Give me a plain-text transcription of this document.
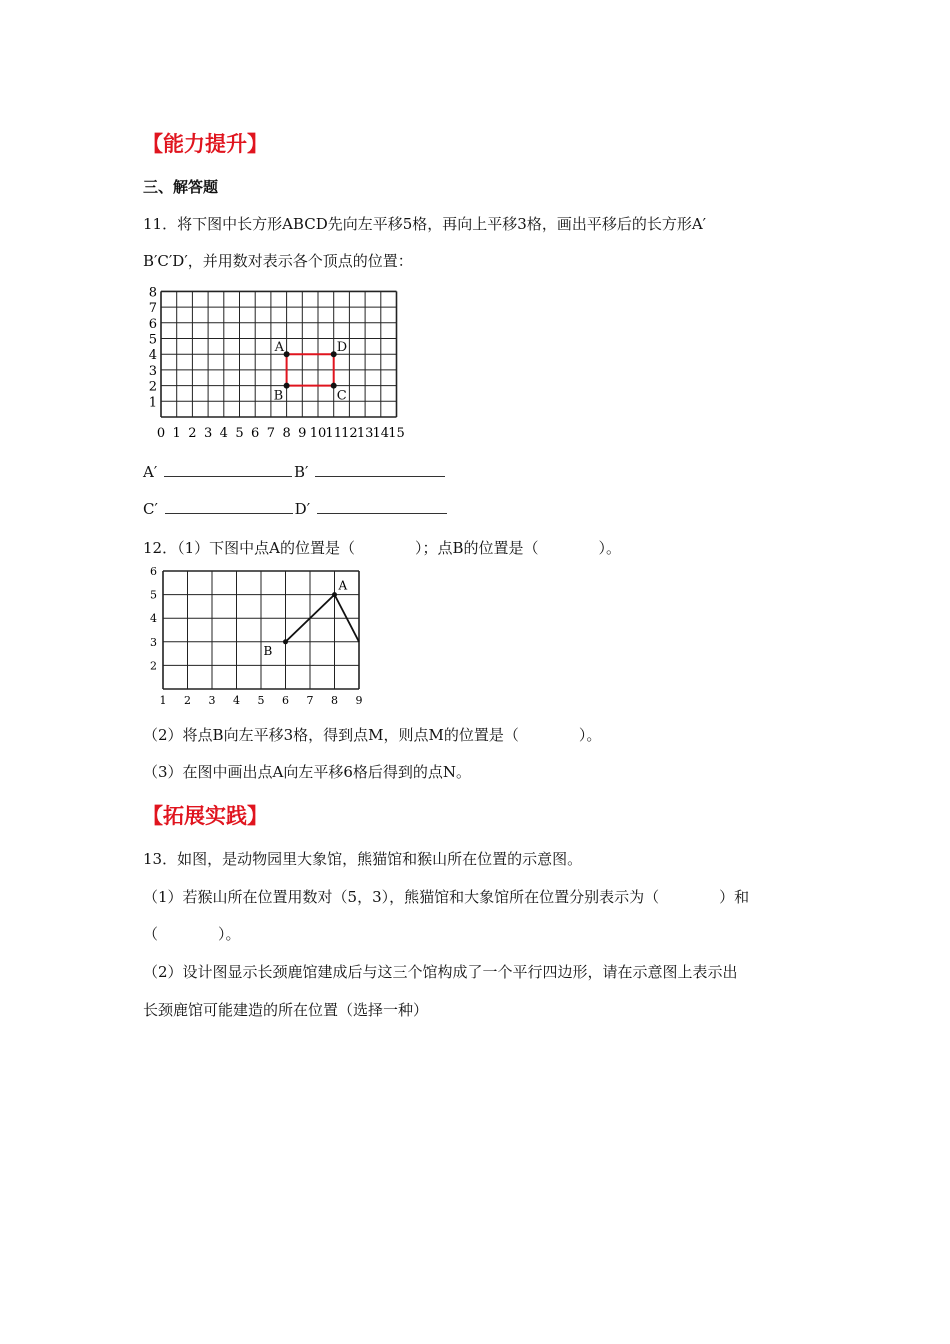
【能力提升】
三、解答题
11．将下图中长方形ABCD先向左平移5格，再向上平移3格，画出平移后的长方形A′
B′C′D′，并用数对表示各个顶点的位置：
0 1 2 3 4 5 6 7 8 9 10 11 12 13 14 15
1
2
3
4
5
6
7
8
A	D
B	C
A′	B′
C′	D′
12．（1）下图中点A的位置是（　　　　）；点B的位置是（　　　　）。
1 2 3 4 5 6 7 8 9
2
3
4
5
6
A
B
（2）将点B向左平移3格，得到点M，则点M的位置是（　　　　）。
（3）在图中画出点A向左平移6格后得到的点N。
【拓展实践】
13．如图，是动物园里大象馆，熊猫馆和猴山所在位置的示意图。
（1）若猴山所在位置用数对（5，3），熊猫馆和大象馆所在位置分别表示为（　　　　）和
（　　　　）。
（2）设计图显示长颈鹿馆建成后与这三个馆构成了一个平行四边形，请在示意图上表示出
长颈鹿馆可能建造的所在位置（选择一种）
